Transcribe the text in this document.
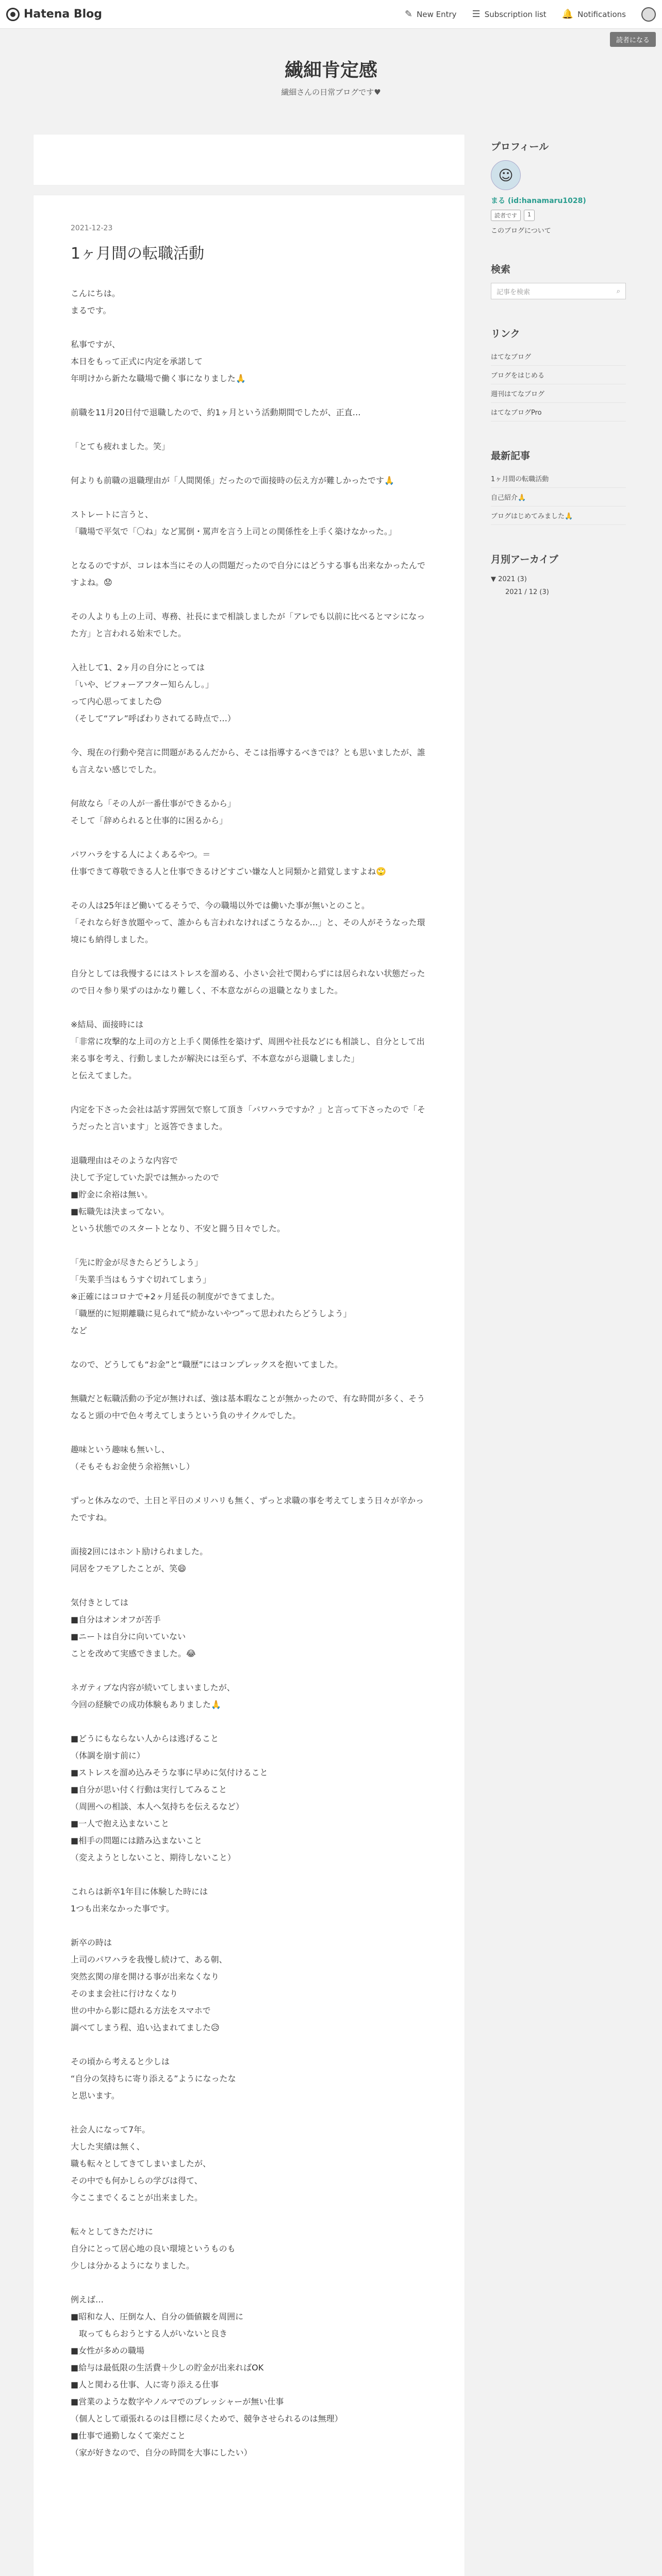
Hatena Blog	✎ New Entry ☰ Subscription list 🔔 Notifications
読者になる
繊細肯定感
繊細さんの日常ブログです♥
2021-12-23
1ヶ月間の転職活動

こんにちは。
まるです。

私事ですが、
本日をもって正式に内定を承諾して
年明けから新たな職場で働く事になりました🙏

前職を11月20日付で退職したので、約1ヶ月という活動期間でしたが、正直…

「とても疲れました。笑」

何よりも前職の退職理由が「人間関係」だったので面接時の伝え方が難しかったです🙏

ストレートに言うと、
「職場で平気で「〇ね」など罵倒・罵声を言う上司との関係性を上手く築けなかった。」

となるのですが、コレは本当にその人の問題だったので自分にはどうする事も出来なかったんですよね。😟

その人よりも上の上司、専務、社長にまで相談しましたが「アレでも以前に比べるとマシになった方」と言われる始末でした。

入社して1、2ヶ月の自分にとっては
「いや、ビフォーアフター知らんし。」
って内心思ってました🙃
（そして“アレ”呼ばわりされてる時点で…）

今、現在の行動や発言に問題があるんだから、そこは指導するべきでは？とも思いましたが、誰も言えない感じでした。

何故なら「その人が一番仕事ができるから」
そして「辞められると仕事的に困るから」

パワハラをする人によくあるやつ。＝
仕事できて尊敬できる人と仕事できるけどすごい嫌な人と同類かと錯覚しますよね🙄

その人は25年ほど働いてるそうで、今の職場以外では働いた事が無いとのこと。
「それなら好き放題やって、誰からも言われなければこうなるか…」と、その人がそうなった環境にも納得しました。

自分としては我慢するにはストレスを溜める、小さい会社で関わらずには居られない状態だったので日々参り果ずのはかなり難しく、不本意ながらの退職となりました。

※結局、面接時には
「非常に攻撃的な上司の方と上手く関係性を築けず、周囲や社長などにも相談し、自分として出来る事を考え、行動しましたが解決には至らず、不本意ながら退職しました」
と伝えてました。

内定を下さった会社は話す雰囲気で察して頂き「パワハラですか？」と言って下さったので「そうだったと言います」と返答できました。

退職理由はそのような内容で
決して予定していた訳では無かったので
■貯金に余裕は無い。
■転職先は決まってない。
という状態でのスタートとなり、不安と闘う日々でした。

「先に貯金が尽きたらどうしよう」
「失業手当はもうすぐ切れてしまう」
※正確にはコロナで+2ヶ月延長の制度ができてました。
「職歴的に短期離職に見られて“続かないやつ”って思われたらどうしよう」
など

なので、どうしても“お金”と“職歴”にはコンプレックスを抱いてました。

無職だと転職活動の予定が無ければ、強は基本暇なことが無かったので、有な時間が多く、そうなると頭の中で色々考えてしまうという負のサイクルでした。

趣味という趣味も無いし、
（そもそもお金使う余裕無いし）

ずっと休みなので、土日と平日のメリハリも無く、ずっと求職の事を考えてしまう日々が辛かったですね。

面接2回にはホント励けられました。
同居をフモアしたことが、笑😄

気付きとしては
■自分はオンオフが苦手
■ニートは自分に向いていない
ことを改めて実感できました。😂

ネガティブな内容が続いてしまいましたが、
今回の経験での成功体験もありました🙏

■どうにもならない人からは逃げること
（体調を崩す前に）
■ストレスを溜め込みそうな事に早めに気付けること
■自分が思い付く行動は実行してみること
（周囲への相談、本人へ気持ちを伝えるなど）
■一人で抱え込まないこと
■相手の問題には踏み込まないこと
（変えようとしないこと、期待しないこと）

これらは新卒1年目に体験した時には
1つも出来なかった事です。

新卒の時は
上司のパワハラを我慢し続けて、ある朝、
突然玄関の扉を開ける事が出来なくなり
そのまま会社に行けなくなり
世の中から影に隠れる方法をスマホで
調べてしまう程、追い込まれてました😥

その頃から考えると少しは
“自分の気持ちに寄り添える”ようになったな
と思います。

社会人になって7年。
大した実績は無く、
職も転々としてきてしまいましたが、
その中でも何かしらの学びは得て、
今ここまでくることが出来ました。

転々としてきただけに
自分にとって居心地の良い環境というものも
少しは分かるようになりました。

例えば…
■昭和な人、圧倒な人、自分の価値観を周囲に
　取ってもらおうとする人がいないと良き
■女性が多めの職場
■給与は最低限の生活費＋少しの貯金が出来ればOK
■人と関わる仕事、人に寄り添える仕事
■営業のような数字やノルマでのプレッシャーが無い仕事
（個人として頑張れるのは目標に尽くためで、競争させられるのは無理）
■仕事で通勤しなくて楽だこと
（家が好きなので、自分の時間を大事にしたい）

プロフィール
☺
まる (id:hanamaru1028)
読者です	1
このブログについて
検索
記事を検索	⌕
リンク
はてなブログ
ブログをはじめる
週刊はてなブログ
はてなブログPro
最新記事
1ヶ月間の転職活動
自己紹介🙏
ブログはじめてみました🙏
月別アーカイブ
▼ 2021 (3)
2021 / 12 (3)
